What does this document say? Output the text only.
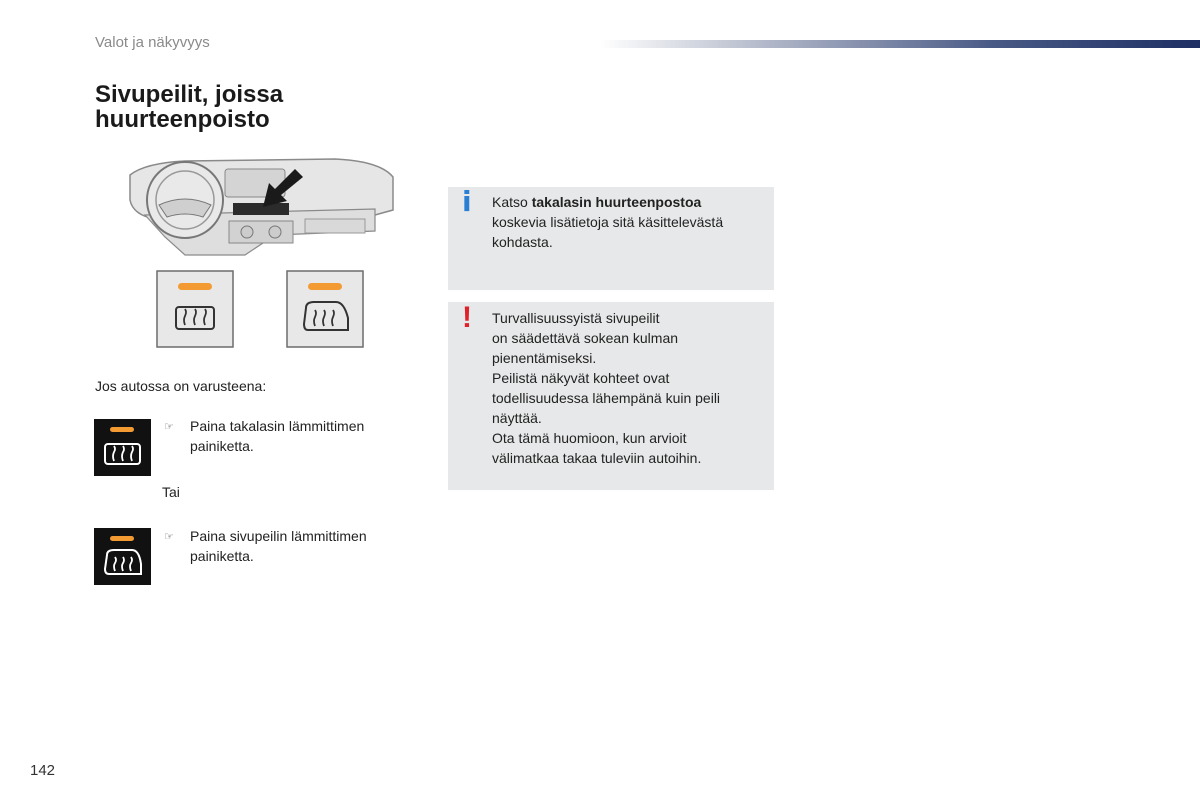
Valot ja näkyvyys
Sivupeilit, joissa huurteenpoisto
Jos autossa on varusteena:
☞	Paina takalasin lämmittimen painiketta.
Tai
☞	Paina sivupeilin lämmittimen painiketta.
i Katso takalasin huurteenpostoa
koskevia lisätietoja sitä käsittelevästä kohdasta.
! Turvallisuussyistä sivupeilit
on säädettävä sokean kulman
pienentämiseksi.
Peilistä näkyvät kohteet ovat
todellisuudessa lähempänä kuin peili
näyttää.
Ota tämä huomioon, kun arvioit
välimatkaa takaa tuleviin autoihin.
142
